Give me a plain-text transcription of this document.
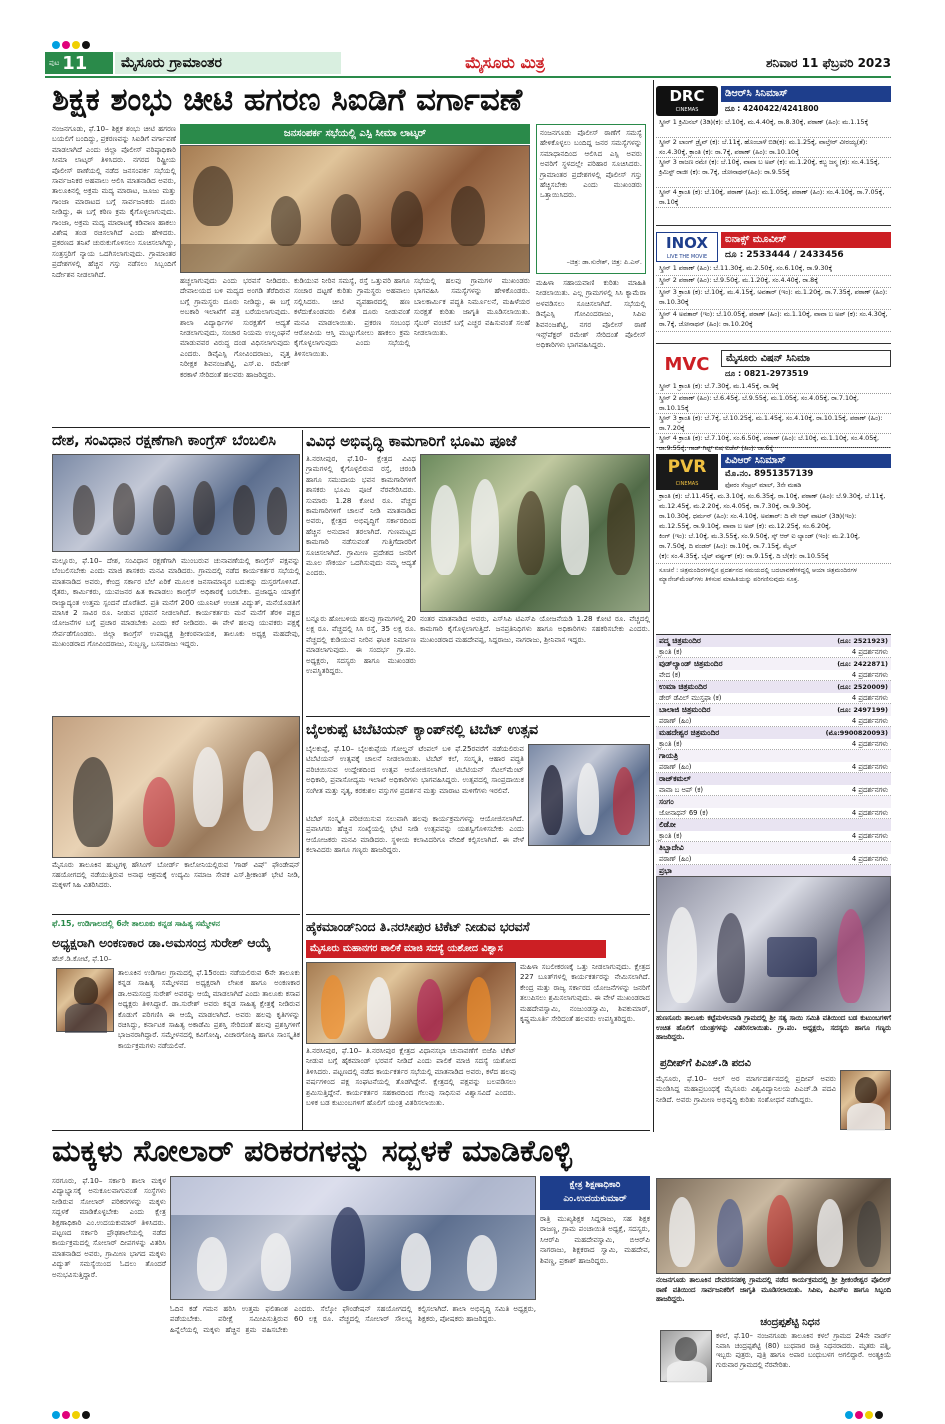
ಪುಟ 11	ಮೈಸೂರು ಗ್ರಾಮಾಂತರ	ಮೈಸೂರು ಮಿತ್ರ	ಶನಿವಾರ 11 ಫೆಬ್ರವರಿ 2023
ಶಿಕ್ಷಕ ಶಂಭು ಚೀಟಿ ಹಗರಣ ಸಿಐಡಿಗೆ ವರ್ಗಾವಣೆ
ನಂಜನಗೂಡು, ಫೆ.10– ಶಿಕ್ಷಕ ಶಂಭು ಚೀಟಿ ಹಗರಣ ಬಯಲಿಗೆ ಬಂದಿದ್ದು, ಪ್ರಕರಣವನ್ನು ಸಿಐಡಿಗೆ ವರ್ಗಾವಣೆ ಮಾಡಲಾಗಿದೆ ಎಂದು ಜಿಲ್ಲಾ ಪೊಲೀಸ್ ವರಿಷ್ಠಾಧಿಕಾರಿ ಸೀಮಾ ಲಾಟ್ಕರ್ ತಿಳಿಸಿದರು. ನಗರದ ರಿಷ್ಟ್ರೀಯ ಪೊಲೀಸ್ ಠಾಣೆಯಲ್ಲಿ ನಡೆದ ಜನಸಂಪರ್ಕ ಸಭೆಯಲ್ಲಿ ಸಾರ್ವಜನಿಕರ ಅಹವಾಲು ಆಲಿಸಿ ಮಾತನಾಡಿದ ಅವರು, ತಾಲೂಕಿನಲ್ಲಿ ಅಕ್ರಮ ಮದ್ಯ ಮಾರಾಟ, ಜೂಜು ಮತ್ತು ಗಾಂಜಾ ಮಾರಾಟದ ಬಗ್ಗೆ ಸಾರ್ವಜನಿಕರು ದೂರು ನೀಡಿದ್ದು, ಈ ಬಗ್ಗೆ ಕಠಿಣ ಕ್ರಮ ಕೈಗೊಳ್ಳಲಾಗುವುದು. ಗಾಂಜಾ, ಅಕ್ರಮ ಮದ್ಯ ಮಾರಾಟಕ್ಕೆ ಕಡಿವಾಣ ಹಾಕಲು ವಿಶೇಷ ತಂಡ ರಚಿಸಲಾಗಿದೆ ಎಂದು ಹೇಳಿದರು. ಪ್ರಕರಣದ ತನಿಖೆ ಚುರುಕುಗೊಳಿಸಲು ಸೂಚಿಸಲಾಗಿದ್ದು, ಸಂತ್ರಸ್ತರಿಗೆ ನ್ಯಾಯ ಒದಗಿಸಲಾಗುವುದು. ಗ್ರಾಮಾಂತರ ಪ್ರದೇಶಗಳಲ್ಲಿ ಹೆಚ್ಚಿನ ಗಸ್ತು ನಡೆಸಲು ಸಿಬ್ಬಂದಿಗೆ ನಿರ್ದೇಶನ ನೀಡಲಾಗಿದೆ.
ಜನಸಂಪರ್ಕ ಸಭೆಯಲ್ಲಿ ಎಸ್ಪಿ ಸೀಮಾ ಲಾಟ್ಕರ್	ನಂಜನಗೂಡು ಪೊಲೀಸ್ ಠಾಣೆಗೆ ಸಮಸ್ಯೆ ಹೇಳಿಕೊಳ್ಳಲು ಬಂದಿದ್ದ ಜನರ ಸಮಸ್ಯೆಗಳನ್ನು ಸಮಾಧಾನದಿಂದ ಆಲಿಸಿದ ಎಸ್ಪಿ ಅವರು ಅವರಿಗೆ ಸ್ಥಳದಲ್ಲೇ ಪರಿಹಾರ ಸೂಚಿಸಿದರು. ಗ್ರಾಮಾಂತರ ಪ್ರದೇಶಗಳಲ್ಲಿ ಪೊಲೀಸ್ ಗಸ್ತು ಹೆಚ್ಚಿಸಬೇಕು ಎಂದು ಮುಖಂಡರು ಒತ್ತಾಯಿಸಿದರು.
–ಚಿತ್ರ: ಡಾ.ಸುರೇಶ್, ಚಿತ್ರ: ಪಿ.ಎಸ್.
ಹಚ್ಚಲಾಗುವುದು ಎಂದು ಭರವಸೆ ನೀಡಿದರು. ದೇವಾಲಯದ ಬಳಿ ಮದ್ಯದ ಅಂಗಡಿ ತೆರೆದಿರುವ ಬಗ್ಗೆ ಗ್ರಾಮಸ್ಥರು ದೂರು ನೀಡಿದ್ದು, ಈ ಬಗ್ಗೆ ಅಬಕಾರಿ ಇಲಾಖೆಗೆ ಪತ್ರ ಬರೆಯಲಾಗುವುದು. ಶಾಲಾ ವಿದ್ಯಾರ್ಥಿಗಳ ಸುರಕ್ಷತೆಗೆ ಆದ್ಯತೆ ನೀಡಲಾಗುವುದು, ಸಂಚಾರ ನಿಯಮ ಉಲ್ಲಂಘನೆ ಮಾಡುವವರ ವಿರುದ್ಧ ದಂಡ ವಿಧಿಸಲಾಗುವುದು ಎಂದರು. ಡಿವೈಎಸ್ಪಿ ಗೋವಿಂದರಾಜು, ವೃತ್ತ ನಿರೀಕ್ಷಕ ಶಿವನಂಜಶೆಟ್ಟಿ, ಎಸ್.ಐ. ರಮೇಶ್ ಕರಕಾಳೆ ಸೇರಿದಂತೆ ಹಲವರು ಹಾಜರಿದ್ದರು.
ಕುಡಿಯುವ ನೀರಿನ ಸಮಸ್ಯೆ, ರಸ್ತೆ ಒತ್ತುವರಿ ಹಾಗೂ ಸಂಚಾರ ದಟ್ಟಣೆ ಕುರಿತು ಗ್ರಾಮಸ್ಥರು ಅಹವಾಲು ಸಲ್ಲಿಸಿದರು. ಚೀಟಿ ವ್ಯವಹಾರದಲ್ಲಿ ಹಣ ಕಳೆದುಕೊಂಡವರು ಲಿಖಿತ ದೂರು ನೀಡುವಂತೆ ಮನವಿ ಮಾಡಲಾಯಿತು. ಪ್ರಕರಣ ಸಂಬಂಧ ಆರೋಪಿಯ ಆಸ್ತಿ ಮುಟ್ಟುಗೋಲು ಹಾಕಲು ಕ್ರಮ ಕೈಗೊಳ್ಳಲಾಗುವುದು ಎಂದು ಸಭೆಯಲ್ಲಿ ತಿಳಿಸಲಾಯಿತು.
ಸಭೆಯಲ್ಲಿ ಹಲವು ಗ್ರಾಮಗಳ ಮುಖಂಡರು ಭಾಗವಹಿಸಿ ಸಮಸ್ಯೆಗಳನ್ನು ಹೇಳಿಕೊಂಡರು. ಬಾಲಕಾರ್ಮಿಕ ಪದ್ಧತಿ ನಿರ್ಮೂಲನೆ, ಮಹಿಳೆಯರ ಸುರಕ್ಷತೆ ಕುರಿತು ಜಾಗೃತಿ ಮೂಡಿಸಲಾಯಿತು. ಸೈಬರ್ ವಂಚನೆ ಬಗ್ಗೆ ಎಚ್ಚರ ವಹಿಸುವಂತೆ ಸಲಹೆ ನೀಡಲಾಯಿತು.
ಮಹಿಳಾ ಸಹಾಯವಾಣಿ ಕುರಿತು ಮಾಹಿತಿ ನೀಡಲಾಯಿತು. ಎಲ್ಲ ಗ್ರಾಮಗಳಲ್ಲಿ ಸಿಸಿ ಕ್ಯಾಮೆರಾ ಅಳವಡಿಸಲು ಸೂಚಿಸಲಾಗಿದೆ. ಸಭೆಯಲ್ಲಿ ಡಿವೈಎಸ್ಪಿ ಗೋವಿಂದರಾಜು, ಸಿಪಿಐ ಶಿವನಂಜಶೆಟ್ಟಿ, ನಗರ ಪೊಲೀಸ್ ಠಾಣೆ ಇನ್ಸ್‌ಪೆಕ್ಟರ್ ರಮೇಶ್ ಸೇರಿದಂತೆ ಪೊಲೀಸ್ ಅಧಿಕಾರಿಗಳು ಭಾಗವಹಿಸಿದ್ದರು.
ದೇಶ, ಸಂವಿಧಾನ ರಕ್ಷಣೆಗಾಗಿ ಕಾಂಗ್ರೆಸ್ ಬೆಂಬಲಿಸಿ
ಮಲ್ಲೂರು, ಫೆ.10– ದೇಶ, ಸಂವಿಧಾನ ರಕ್ಷಣೆಗಾಗಿ ಮುಂಬರುವ ಚುನಾವಣೆಯಲ್ಲಿ ಕಾಂಗ್ರೆಸ್ ಪಕ್ಷವನ್ನು ಬೆಂಬಲಿಸಬೇಕು ಎಂದು ಮಾಜಿ ಶಾಸಕರು ಮನವಿ ಮಾಡಿದರು. ಗ್ರಾಮದಲ್ಲಿ ನಡೆದ ಕಾರ್ಯಕರ್ತರ ಸಭೆಯಲ್ಲಿ ಮಾತನಾಡಿದ ಅವರು, ಕೇಂದ್ರ ಸರ್ಕಾರ ಬೆಲೆ ಏರಿಕೆ ಮೂಲಕ ಜನಸಾಮಾನ್ಯರ ಬದುಕನ್ನು ದುಸ್ತರಗೊಳಿಸಿದೆ. ರೈತರು, ಕಾರ್ಮಿಕರು, ಯುವಜನರ ಹಿತ ಕಾಪಾಡಲು ಕಾಂಗ್ರೆಸ್ ಅಧಿಕಾರಕ್ಕೆ ಬರಬೇಕು. ಪ್ರಜಾಧ್ವನಿ ಯಾತ್ರೆಗೆ ರಾಜ್ಯಾದ್ಯಂತ ಉತ್ತಮ ಸ್ಪಂದನೆ ದೊರೆತಿದೆ. ಪ್ರತಿ ಮನೆಗೆ 200 ಯೂನಿಟ್ ಉಚಿತ ವಿದ್ಯುತ್, ಮನೆಯೊಡತಿಗೆ ಮಾಸಿಕ 2 ಸಾವಿರ ರೂ. ನೀಡುವ ಭರವಸೆ ನೀಡಲಾಗಿದೆ. ಕಾರ್ಯಕರ್ತರು ಮನೆ ಮನೆಗೆ ತೆರಳಿ ಪಕ್ಷದ ಯೋಜನೆಗಳ ಬಗ್ಗೆ ಪ್ರಚಾರ ಮಾಡಬೇಕು ಎಂದು ಕರೆ ನೀಡಿದರು. ಈ ವೇಳೆ ಹಲವು ಯುವಕರು ಪಕ್ಷಕ್ಕೆ ಸೇರ್ಪಡೆಗೊಂಡರು. ಜಿಲ್ಲಾ ಕಾಂಗ್ರೆಸ್ ಉಪಾಧ್ಯಕ್ಷ ಶ್ರೀಕಂಠನಾಯಕ, ತಾಲೂಕು ಅಧ್ಯಕ್ಷ ಮಹದೇವು, ಮುಖಂಡರಾದ ಗೋವಿಂದರಾಜು, ಸುಬ್ಬಣ್ಣ, ಬಸವರಾಜು ಇದ್ದರು.
ಮೈಸೂರು ತಾಲೂಕಿನ ಹುಟ್ಟಗಳ್ಳಿ ಹೌಸಿಂಗ್ ಬೋರ್ಡ್ ಕಾಲೋನಿಯಲ್ಲಿರುವ 'ಗಾಡ್ ವಿಷ್' ಫೌಂಡೇಷನ್ ಸಹಯೋಗದಲ್ಲಿ ನಡೆಯುತ್ತಿರುವ ಅನಾಥ ಆಶ್ರಮಕ್ಕೆ ಉದ್ಯಮಿ ಸಮಾಜ ಸೇವಕ ಎಸ್.ಶ್ರೀಕಾಂತ್ ಭೇಟಿ ನೀಡಿ, ಮಕ್ಕಳಿಗೆ ಸಿಹಿ ವಿತರಿಸಿದರು.
ಫೆ.15, ಉಡಿಗಾಲದಲ್ಲಿ 6ನೇ ತಾಲೂಕು ಕನ್ನಡ ಸಾಹಿತ್ಯ ಸಮ್ಮೇಳನ
ಅಧ್ಯಕ್ಷರಾಗಿ ಅಂಕಣಕಾರ ಡಾ.ಅಮಸಂದ್ರ ಸುರೇಶ್ ಆಯ್ಕೆ
ಹೆಚ್.ಡಿ.ಕೋಟೆ, ಫೆ.10–
ತಾಲೂಕಿನ ಉಡಿಗಾಲ ಗ್ರಾಮದಲ್ಲಿ ಫೆ.15ರಂದು ನಡೆಯಲಿರುವ 6ನೇ ತಾಲೂಕು ಕನ್ನಡ ಸಾಹಿತ್ಯ ಸಮ್ಮೇಳನದ ಅಧ್ಯಕ್ಷರಾಗಿ ಲೇಖಕ ಹಾಗೂ ಅಂಕಣಕಾರ ಡಾ.ಅಮಸಂದ್ರ ಸುರೇಶ್ ಅವರನ್ನು ಆಯ್ಕೆ ಮಾಡಲಾಗಿದೆ ಎಂದು ತಾಲೂಕು ಕಸಾಪ ಅಧ್ಯಕ್ಷರು ತಿಳಿಸಿದ್ದಾರೆ. ಡಾ.ಸುರೇಶ್ ಅವರು ಕನ್ನಡ ಸಾಹಿತ್ಯ ಕ್ಷೇತ್ರಕ್ಕೆ ನೀಡಿರುವ ಕೊಡುಗೆ ಪರಿಗಣಿಸಿ ಈ ಆಯ್ಕೆ ಮಾಡಲಾಗಿದೆ. ಅವರು ಹಲವು ಕೃತಿಗಳನ್ನು ರಚಿಸಿದ್ದು, ಕರ್ನಾಟಕ ಸಾಹಿತ್ಯ ಅಕಾಡೆಮಿ ಪ್ರಶಸ್ತಿ ಸೇರಿದಂತೆ ಹಲವು ಪ್ರಶಸ್ತಿಗಳಿಗೆ ಭಾಜನರಾಗಿದ್ದಾರೆ. ಸಮ್ಮೇಳನದಲ್ಲಿ ಕವಿಗೋಷ್ಠಿ, ವಿಚಾರಗೋಷ್ಠಿ ಹಾಗೂ ಸಾಂಸ್ಕೃತಿಕ ಕಾರ್ಯಕ್ರಮಗಳು ನಡೆಯಲಿವೆ.
ವಿವಿಧ ಅಭಿವೃದ್ಧಿ ಕಾಮಗಾರಿಗೆ ಭೂಮಿ ಪೂಜೆ
ತಿ.ನರಸೀಪುರ, ಫೆ.10– ಕ್ಷೇತ್ರದ ವಿವಿಧ ಗ್ರಾಮಗಳಲ್ಲಿ ಕೈಗೊಳ್ಳಲಿರುವ ರಸ್ತೆ, ಚರಂಡಿ ಹಾಗೂ ಸಮುದಾಯ ಭವನ ಕಾಮಗಾರಿಗಳಿಗೆ ಶಾಸಕರು ಭೂಮಿ ಪೂಜೆ ನೆರವೇರಿಸಿದರು. ಸುಮಾರು 1.28 ಕೋಟಿ ರೂ. ವೆಚ್ಚದ ಕಾಮಗಾರಿಗಳಿಗೆ ಚಾಲನೆ ನೀಡಿ ಮಾತನಾಡಿದ ಅವರು, ಕ್ಷೇತ್ರದ ಅಭಿವೃದ್ಧಿಗೆ ಸರ್ಕಾರದಿಂದ ಹೆಚ್ಚಿನ ಅನುದಾನ ತರಲಾಗಿದೆ. ಗುಣಮಟ್ಟದ ಕಾಮಗಾರಿ ನಡೆಸುವಂತೆ ಗುತ್ತಿಗೆದಾರರಿಗೆ ಸೂಚಿಸಲಾಗಿದೆ. ಗ್ರಾಮೀಣ ಪ್ರದೇಶದ ಜನರಿಗೆ ಮೂಲ ಸೌಕರ್ಯ ಒದಗಿಸುವುದು ನಮ್ಮ ಆದ್ಯತೆ ಎಂದರು.
ಬನ್ನೂರು ಹೋಬಳಿಯ ಹಲವು ಗ್ರಾಮಗಳಲ್ಲಿ 20 ಲಕ್ಷ ರೂ. ವೆಚ್ಚದಲ್ಲಿ ಸಿಸಿ ರಸ್ತೆ, 35 ಲಕ್ಷ ರೂ. ವೆಚ್ಚದಲ್ಲಿ ಕುಡಿಯುವ ನೀರಿನ ಘಟಕ ನಿರ್ಮಾಣ ಮಾಡಲಾಗುವುದು. ಈ ಸಂದರ್ಭ ಗ್ರಾ.ಪಂ. ಅಧ್ಯಕ್ಷರು, ಸದಸ್ಯರು ಹಾಗೂ ಮುಖಂಡರು ಉಪಸ್ಥಿತರಿದ್ದರು.
ನಂತರ ಮಾತನಾಡಿದ ಅವರು, ಎಸ್‌ಸಿಪಿ ಟಿಎಸ್‌ಪಿ ಯೋಜನೆಯಡಿ 1.28 ಕೋಟಿ ರೂ. ವೆಚ್ಚದಲ್ಲಿ ಕಾಮಗಾರಿ ಕೈಗೊಳ್ಳಲಾಗುತ್ತಿದೆ. ಜನಪ್ರತಿನಿಧಿಗಳು ಹಾಗೂ ಅಧಿಕಾರಿಗಳು ಸಹಕರಿಸಬೇಕು ಎಂದರು. ಮುಖಂಡರಾದ ಮಹದೇವಪ್ಪ, ಸಿದ್ದರಾಜು, ನಾಗರಾಜು, ಶ್ರೀನಿವಾಸ ಇದ್ದರು.
ಬೈಲಕುಪ್ಪೆ ಟಿಬೆಟಿಯನ್ ಕ್ಯಾಂಪ್‌ನಲ್ಲಿ ಟಿಬೆಟ್ ಉತ್ಸವ
ಬೈಲಕುಪ್ಪೆ, ಫೆ.10– ಬೈಲಕುಪ್ಪೆಯ ಗೋಲ್ಡನ್ ಟೆಂಪಲ್ ಬಳಿ ಫೆ.25ರವರೆಗೆ ನಡೆಯಲಿರುವ ಟಿಬೆಟಿಯನ್ ಉತ್ಸವಕ್ಕೆ ಚಾಲನೆ ನೀಡಲಾಯಿತು. ಟಿಬೆಟ್ ಕಲೆ, ಸಂಸ್ಕೃತಿ, ಆಹಾರ ಪದ್ಧತಿ ಪರಿಚಯಿಸುವ ಉದ್ದೇಶದಿಂದ ಉತ್ಸವ ಆಯೋಜಿಸಲಾಗಿದೆ. ಟಿಬೆಟಿಯನ್ ಸೆಟಲ್‌ಮೆಂಟ್ ಅಧಿಕಾರಿ, ಪ್ರವಾಸೋದ್ಯಮ ಇಲಾಖೆ ಅಧಿಕಾರಿಗಳು ಭಾಗವಹಿಸಿದ್ದರು. ಉತ್ಸವದಲ್ಲಿ ಸಾಂಪ್ರದಾಯಿಕ ಸಂಗೀತ ಮತ್ತು ನೃತ್ಯ, ಕರಕುಶಲ ವಸ್ತುಗಳ ಪ್ರದರ್ಶನ ಮತ್ತು ಮಾರಾಟ ಮಳಿಗೆಗಳು ಇರಲಿವೆ.
ಟಿಬೆಟ್ ಸಂಸ್ಕೃತಿ ಪರಿಚಯಿಸುವ ಸಲುವಾಗಿ ಹಲವು ಕಾರ್ಯಕ್ರಮಗಳನ್ನು ಆಯೋಜಿಸಲಾಗಿದೆ. ಪ್ರವಾಸಿಗರು ಹೆಚ್ಚಿನ ಸಂಖ್ಯೆಯಲ್ಲಿ ಭೇಟಿ ನೀಡಿ ಉತ್ಸವವನ್ನು ಯಶಸ್ವಿಗೊಳಿಸಬೇಕು ಎಂದು ಆಯೋಜಕರು ಮನವಿ ಮಾಡಿದರು. ಸ್ಥಳೀಯ ಕಲಾವಿದರಿಗೂ ವೇದಿಕೆ ಕಲ್ಪಿಸಲಾಗಿದೆ. ಈ ವೇಳೆ ಕಲಾವಿದರು ಹಾಗೂ ಗಣ್ಯರು ಹಾಜರಿದ್ದರು.
ಹೈಕಮಾಂಡ್‌ನಿಂದ ತಿ.ನರಸೀಪುರ ಟಿಕೆಟ್ ನೀಡುವ ಭರವಸೆ
ಮೈಸೂರು ಮಹಾನಗರ ಪಾಲಿಕೆ ಮಾಜಿ ಸದಸ್ಯೆ ಯಶೋದ ವಿಶ್ವಾಸ
ತಿ.ನರಸೀಪುರ, ಫೆ.10– ತಿ.ನರಸೀಪುರ ಕ್ಷೇತ್ರದ ವಿಧಾನಸಭಾ ಚುನಾವಣೆಗೆ ಬಿಜೆಪಿ ಟಿಕೆಟ್ ನೀಡುವ ಬಗ್ಗೆ ಹೈಕಮಾಂಡ್ ಭರವಸೆ ನೀಡಿದೆ ಎಂದು ಪಾಲಿಕೆ ಮಾಜಿ ಸದಸ್ಯೆ ಯಶೋದ ತಿಳಿಸಿದರು. ಪಟ್ಟಣದಲ್ಲಿ ನಡೆದ ಕಾರ್ಯಕರ್ತರ ಸಭೆಯಲ್ಲಿ ಮಾತನಾಡಿದ ಅವರು, ಕಳೆದ ಹಲವು ವರ್ಷಗಳಿಂದ ಪಕ್ಷ ಸಂಘಟನೆಯಲ್ಲಿ ತೊಡಗಿದ್ದೇನೆ. ಕ್ಷೇತ್ರದಲ್ಲಿ ಪಕ್ಷವನ್ನು ಬಲಪಡಿಸಲು ಶ್ರಮಿಸುತ್ತಿದ್ದೇನೆ. ಕಾರ್ಯಕರ್ತರ ಸಹಕಾರದಿಂದ ಗೆಲುವು ಸಾಧಿಸುವ ವಿಶ್ವಾಸವಿದೆ ಎಂದರು. ಬಳಿಕ ಬಡ ಕುಟುಂಬಗಳಿಗೆ ಹೊಲಿಗೆ ಯಂತ್ರ ವಿತರಿಸಲಾಯಿತು.
ಮಹಿಳಾ ಸಬಲೀಕರಣಕ್ಕೆ ಒತ್ತು ನೀಡಲಾಗುವುದು. ಕ್ಷೇತ್ರದ 227 ಬೂತ್‌ಗಳಲ್ಲಿ ಕಾರ್ಯಕರ್ತರನ್ನು ನೇಮಿಸಲಾಗಿದೆ. ಕೇಂದ್ರ ಮತ್ತು ರಾಜ್ಯ ಸರ್ಕಾರದ ಯೋಜನೆಗಳನ್ನು ಜನರಿಗೆ ತಲುಪಿಸಲು ಶ್ರಮಿಸಲಾಗುವುದು. ಈ ವೇಳೆ ಮುಖಂಡರಾದ ಮಹದೇವಸ್ವಾಮಿ, ನಂಜುಂಡಸ್ವಾಮಿ, ಶಿವಕುಮಾರ್, ಕೃಷ್ಣಮೂರ್ತಿ ಸೇರಿದಂತೆ ಹಲವರು ಉಪಸ್ಥಿತರಿದ್ದರು.
ಮಕ್ಕಳು ಸೋಲಾರ್ ಪರಿಕರಗಳನ್ನು ಸದ್ಬಳಕೆ ಮಾಡಿಕೊಳ್ಳಿ
ಸರಗೂರು, ಫೆ.10– ಸರ್ಕಾರಿ ಶಾಲಾ ಮಕ್ಕಳ ವಿದ್ಯಾಭ್ಯಾಸಕ್ಕೆ ಅನುಕೂಲವಾಗುವಂತೆ ಸಂಸ್ಥೆಗಳು ನೀಡಿರುವ ಸೋಲಾರ್ ಪರಿಕರಗಳನ್ನು ಮಕ್ಕಳು ಸದ್ಬಳಕೆ ಮಾಡಿಕೊಳ್ಳಬೇಕು ಎಂದು ಕ್ಷೇತ್ರ ಶಿಕ್ಷಣಾಧಿಕಾರಿ ಎಂ.ಉದಯಕುಮಾರ್ ತಿಳಿಸಿದರು. ಪಟ್ಟಣದ ಸರ್ಕಾರಿ ಪ್ರೌಢಶಾಲೆಯಲ್ಲಿ ನಡೆದ ಕಾರ್ಯಕ್ರಮದಲ್ಲಿ ಸೋಲಾರ್ ದೀಪಗಳನ್ನು ವಿತರಿಸಿ ಮಾತನಾಡಿದ ಅವರು, ಗ್ರಾಮೀಣ ಭಾಗದ ಮಕ್ಕಳು ವಿದ್ಯುತ್ ಸಮಸ್ಯೆಯಿಂದ ಓದಲು ತೊಂದರೆ ಅನುಭವಿಸುತ್ತಿದ್ದಾರೆ.
ಕ್ಷೇತ್ರ ಶಿಕ್ಷಣಾಧಿಕಾರಿ
ಎಂ.ಉದಯಕುಮಾರ್
ರಾತ್ರಿ ಮುಖ್ಯಶಿಕ್ಷಕ ಸಿದ್ದರಾಜು, ಸಹ ಶಿಕ್ಷಕ ರಾಜಣ್ಣ, ಗ್ರಾಮ ಪಂಚಾಯಿತಿ ಅಧ್ಯಕ್ಷೆ, ಸದಸ್ಯರು, ಸಿಆರ್‌ಪಿ ಮಹದೇವಸ್ವಾಮಿ, ಬಿಆರ್‌ಪಿ ನಾಗರಾಜು, ಶಿಕ್ಷಕರಾದ ಸ್ವಾಮಿ, ಮಹದೇವ, ಶಿವಣ್ಣ, ಪ್ರಕಾಶ್ ಹಾಜರಿದ್ದರು.
ಓದಿನ ಕಡೆ ಗಮನ ಹರಿಸಿ ಉತ್ತಮ ಫಲಿತಾಂಶ ಪಡೆಯಬೇಕು. ಪರೀಕ್ಷೆ ಸಮೀಪಿಸುತ್ತಿರುವ ಹಿನ್ನೆಲೆಯಲ್ಲಿ ಮಕ್ಕಳು ಹೆಚ್ಚಿನ ಶ್ರಮ ವಹಿಸಬೇಕು ಎಂದರು. ಸೆಲ್ಕೋ ಫೌಂಡೇಷನ್ ಸಹಯೋಗದಲ್ಲಿ 60 ಲಕ್ಷ ರೂ. ವೆಚ್ಚದಲ್ಲಿ ಸೋಲಾರ್ ಸೌಲಭ್ಯ ಕಲ್ಪಿಸಲಾಗಿದೆ. ಶಾಲಾ ಅಭಿವೃದ್ಧಿ ಸಮಿತಿ ಅಧ್ಯಕ್ಷರು, ಶಿಕ್ಷಕರು, ಪೋಷಕರು ಹಾಜರಿದ್ದರು.
DRC
CINEMAS
ಡಿಆರ್‌ಸಿ ಸಿನಿಮಾಸ್
ದೂ : 4240422/4241800
ಸ್ಕ್ರೀನ್ 1 ಕ್ರಿಮಿನಲ್ (3ಡಿ)(ಕ): ಬೆ.10ಕ್ಕೆ, ಮ.4.40ಕ್ಕೆ, ರಾ.8.30ಕ್ಕೆ, ಪಠಾಣ್ (ಹಿಂ): ಮ.1.15ಕ್ಕೆ
ಸ್ಕ್ರೀನ್ 2 ಲಾಂಗ್ ಡ್ರೈವ್ (ಕ): ಬೆ.11ಕ್ಕೆ, ಹೊಂಬಾಳೆ ಬಿಡಿ(ಕ): ಮ.1.25ಕ್ಕೆ, ವಾಲ್ತೇರ್ ವೀರಯ್ಯ(ತೆ): ಸಂ.4.30ಕ್ಕೆ, ಕ್ರಾಂತಿ (ಕ): ರಾ.7ಕ್ಕೆ, ಪಠಾಣ್ (ಹಿಂ): ರಾ.10.10ಕ್ಕೆ
ಸ್ಕ್ರೀನ್ 3 ರಾಜಣ ರಮೇ (ಕ): ಬೆ.10ಕ್ಕೆ, ವಾವಾ ಬ ಅಪ್ (ಕ): ಮ.1.20ಕ್ಕೆ, ಕಬ್ಜ ಜಸ್ಮ (ಕ): ಸಂ.4.15ಕ್ಕೆ, ಕ್ರಿಮಿಸ್ಟ್ ರಾಜೀ (ಕ): ರಾ.7ಕ್ಕೆ, ಜೋನಾಥನ್(ಹಿಂ): ರಾ.9.55ಕ್ಕೆ
ಸ್ಕ್ರೀನ್ 4 ಕ್ರಾಂತಿ (ಕ): ಬೆ.10ಕ್ಕೆ, ಪಠಾಣ್ (ಹಿಂ): ಮ.1.05ಕ್ಕೆ, ಪಠಾಣ್ (ಹಿಂ): ಸಂ.4.10ಕ್ಕೆ, ರಾ.7.05ಕ್ಕೆ, ರಾ.10ಕ್ಕೆ
INOX
LIVE THE MOVIE
ಐನಾಕ್ಸ್ ಮೂವೀಸ್
ದೂ : 2533444 / 2433456
ಸ್ಕ್ರೀನ್ 1 ಪಠಾಣ್ (ಹಿಂ): ಬೆ.11.30ಕ್ಕೆ, ಮ.2.50ಕ್ಕೆ, ಸಂ.6.10ಕ್ಕೆ, ರಾ.9.30ಕ್ಕೆ
ಸ್ಕ್ರೀನ್ 2 ಪಠಾಣ್ (ಹಿಂ): ಬೆ.9.50ಕ್ಕೆ, ಮ.1.20ಕ್ಕೆ, ಸಂ.4.40ಕ್ಕೆ, ರಾ.8ಕ್ಕೆ
ಸ್ಕ್ರೀನ್ 3 ಕ್ರಾಂತಿ (ಕ): ಬೆ.10ಕ್ಕೆ, ಮ.4.15ಕ್ಕೆ, ಅವತಾರ್ (ಇಂ): ಮ.1.20ಕ್ಕೆ, ರಾ.7.35ಕ್ಕೆ, ಪಠಾಣ್ (ಹಿಂ): ರಾ.10.30ಕ್ಕೆ
ಸ್ಕ್ರೀನ್ 4 ಅವತಾರ್ (ಇಂ): ಬೆ.10.05ಕ್ಕೆ, ಪಠಾಣ್ (ಹಿಂ): ಮ.1.10ಕ್ಕೆ, ವಾವಾ ಬ ಅಪ್ (ಕ): ಸಂ.4.30ಕ್ಕೆ, ರಾ.7ಕ್ಕೆ, ಜೋನಾಥನ್ (ಹಿಂ): ರಾ.10.20ಕ್ಕೆ
MVC	ಮೈಸೂರು ವಿಷನ್ ಸಿನಿಮಾ
ದೂ : 0821-2973519
ಸ್ಕ್ರೀನ್ 1 ಕ್ರಾಂತಿ (ಕ): ಬೆ.7.30ಕ್ಕೆ, ಮ.1.45ಕ್ಕೆ, ರಾ.9ಕ್ಕೆ
ಸ್ಕ್ರೀನ್ 2 ಪಠಾಣ್ (ಹಿಂ): ಬೆ.6.45ಕ್ಕೆ, ಬೆ.9.55ಕ್ಕೆ, ಮ.1.05ಕ್ಕೆ, ಸಂ.4.05ಕ್ಕೆ, ರಾ.7.10ಕ್ಕೆ, ರಾ.10.15ಕ್ಕೆ
ಸ್ಕ್ರೀನ್ 3 ಕ್ರಾಂತಿ (ಕ): ಬೆ.7ಕ್ಕೆ, ಬೆ.10.25ಕ್ಕೆ, ಮ.1.45ಕ್ಕೆ, ಸಂ.4.10ಕ್ಕೆ, ರಾ.10.15ಕ್ಕೆ, ಪಠಾಣ್ (ಹಿಂ): ರಾ.7.20ಕ್ಕೆ
ಸ್ಕ್ರೀನ್ 4 ಕ್ರಾಂತಿ (ಕ): ಬೆ.7.10ಕ್ಕೆ, ಸಂ.6.50ಕ್ಕೆ, ಪಠಾಣ್ (ಹಿಂ): ಬೆ.10ಕ್ಕೆ, ಮ.1.10ಕ್ಕೆ, ಸಂ.4.05ಕ್ಕೆ, ರಾ.9.55ಕ್ಕೆ, ಗಾಡ್ ಗಿಫ್ಟ್ ಏಷ ಐಡೆನ್ (ಹಿಂ): ರಾ.6ಕ್ಕೆ
PVR
CINEMAS
ಪಿವಿಆರ್ ಸಿನಿಮಾಸ್
ಮೊ.ನಂ. 8951357139
ಫೋರಂ ಸೆಂಟ್ರಲ್ ಮಾಲ್, 3ನೇ ಮಹಡಿ
ಕ್ರಾಂತಿ (ಕ): ಬೆ.11.45ಕ್ಕೆ, ಮ.3.10ಕ್ಕೆ, ಸಂ.6.35ಕ್ಕೆ, ರಾ.10ಕ್ಕೆ, ಪಠಾಣ್ (ಹಿಂ): ಬೆ.9.30ಕ್ಕೆ, ಬೆ.11ಕ್ಕೆ, ಮ.12.45ಕ್ಕೆ, ಮ.2.20ಕ್ಕೆ, ಸಂ.4.05ಕ್ಕೆ, ರಾ.7.30ಕ್ಕೆ, ರಾ.9.30ಕ್ಕೆ,
ರಾ.10.30ಕ್ಕೆ, ಧರ್ಮನ್ (ಹಿಂ): ಸಂ.4.10ಕ್ಕೆ, ಅವತಾರ್: ದಿ ವೇ ಆಫ್ ವಾಟರ್ (3ಡಿ)(ಇಂ): ಮ.12.55ಕ್ಕೆ, ರಾ.9.10ಕ್ಕೆ, ವಾವಾ ಬ ಅಪ್ (ಕ): ಮ.12.25ಕ್ಕೆ, ಸಂ.6.20ಕ್ಕೆ,
ಕಿಂಗ್ (ಇಂ): ಬೆ.10ಕ್ಕೆ, ಮ.3.55ಕ್ಕೆ, ಸಂ.9.50ಕ್ಕೆ, ಸ್ಕ್ ಆರ್ ಐ ಲ್ಯಾಂಡ್ (ಇಂ): ಮ.2.10ಕ್ಕೆ, ರಾ.7.50ಕ್ಕೆ, ದಿ ವಂಡರ್ (ಹಿಂ): ರಾ.10ಕ್ಕೆ, ರಾ.7.15ಕ್ಕೆ, ಮೈಲ್‌
(ಕ): ಸಂ.4.35ಕ್ಕೆ, ಬೈಟ್ ವರ್ಷ್ಟಕ್ (ಕ): ರಾ.9.15ಕ್ಕೆ, ದಿ ಬೆ(ಕ): ರಾ.10.55ಕ್ಕೆ
ಸೂಚನೆ : ಚಿತ್ರಮಂದಿರಗಳಲ್ಲಿನ ಪ್ರದರ್ಶನದ ಸಮಯದಲ್ಲಿ ಬದಲಾವಣೆಗಳಿದ್ದಲ್ಲಿ ಆಯಾ ಚಿತ್ರಮಂದಿರಗಳ ಮ್ಯಾನೇಜ್‌ಮೆಂಟ್‌ಗಳು ತಿಳಿಸುವ ಮಾಹಿತಿಯನ್ನು ಪರಿಗಣಿಸುವುದು ಸೂಕ್ತ.
ಪದ್ಮ ಚಿತ್ರಮಂದಿರ	(ದೂ: 2521923)
ಕ್ರಾಂತಿ (ಕ)	4 ಪ್ರದರ್ಶನಗಳು
ವುಡ್‌ಲ್ಯಾಂಡ್ ಚಿತ್ರಮಂದಿರ	(ದೂ: 2422871)
ವೇದ (ಕ)	4 ಪ್ರದರ್ಶನಗಳು
ಉಮಾ ಚಿತ್ರಮಂದಿರ	(ದೂ: 2520009)
ಡೇರ್ ಡೆವಿಲ್ ಮುಸ್ತಫಾ (ಕ)	4 ಪ್ರದರ್ಶನಗಳು
ಬಾಲಾಜಿ ಚಿತ್ರಮಂದಿರ	(ದೂ: 2497199)
ಪಠಾಣ್ (ಹಿಂ)	4 ಪ್ರದರ್ಶನಗಳು
ಮಹದೇಶ್ವರ ಚಿತ್ರಮಂದಿರ	(ಮೊ:9900820093)
ಕ್ರಾಂತಿ (ಕ)	4 ಪ್ರದರ್ಶನಗಳು
ಗಾಯತ್ರಿ
ಪಠಾಣ್ (ಹಿಂ)	4 ಪ್ರದರ್ಶನಗಳು
ರಾಜ್‌ಕಮಲ್
ವಾವಾ ಬ ಅಪ್ (ಕ)	4 ಪ್ರದರ್ಶನಗಳು
ಸಂಗಂ
ಜೋನಾಥನ್ 69 (ಕ)	4 ಪ್ರದರ್ಶನಗಳು
ಲಿಡೋ
ಕ್ರಾಂತಿ (ಕ)	4 ಪ್ರದರ್ಶನಗಳು
ತಿಬ್ಬಾದೇವಿ
ಪಠಾಣ್ (ಹಿಂ)	4 ಪ್ರದರ್ಶನಗಳು
ಪ್ರಭಾ
ಹುಣಸೂರು ತಾಲೂಕು ಕಟ್ಟೆಮಳಲವಾಡಿ ಗ್ರಾಮದಲ್ಲಿ ಶ್ರೀ ಸತ್ಯ ಸಾಯಿ ಸಮಿತಿ ವತಿಯಿಂದ ಬಡ ಕುಟುಂಬಗಳಿಗೆ ಉಚಿತ ಹೊಲಿಗೆ ಯಂತ್ರಗಳನ್ನು ವಿತರಿಸಲಾಯಿತು. ಗ್ರಾ.ಪಂ. ಅಧ್ಯಕ್ಷರು, ಸದಸ್ಯರು ಹಾಗೂ ಗಣ್ಯರು ಹಾಜರಿದ್ದರು.
ಪ್ರದೀಪ್‌ಗೆ ಪಿಎಚ್.ಡಿ ಪದವಿ
ಮೈಸೂರು, ಫೆ.10– ಆಲ್ ಅರ ಮಾರ್ಗದರ್ಶನದಲ್ಲಿ ಪ್ರದೀಪ್ ಅವರು ಮಂಡಿಸಿದ್ದ ಮಹಾಪ್ರಬಂಧಕ್ಕೆ ಮೈಸೂರು ವಿಶ್ವವಿದ್ಯಾನಿಲಯ ಪಿಎಚ್.ಡಿ ಪದವಿ ನೀಡಿದೆ. ಅವರು ಗ್ರಾಮೀಣ ಅಭಿವೃದ್ಧಿ ಕುರಿತು ಸಂಶೋಧನೆ ನಡೆಸಿದ್ದರು.
ನಂಜನಗೂಡು ತಾಲೂಕಿನ ದೇವರಸನಹಳ್ಳಿ ಗ್ರಾಮದಲ್ಲಿ ನಡೆದ ಕಾರ್ಯಕ್ರಮದಲ್ಲಿ ಶ್ರೀ ಶ್ರೀಕಂಠೇಶ್ವರ ಪೊಲೀಸ್ ಠಾಣೆ ವತಿಯಿಂದ ಸಾರ್ವಜನಿಕರಿಗೆ ಜಾಗೃತಿ ಮೂಡಿಸಲಾಯಿತು. ಸಿಪಿಐ, ಪಿಎಸ್‌ಐ ಹಾಗೂ ಸಿಬ್ಬಂದಿ ಹಾಜರಿದ್ದರು.
ಚಂದ್ರಪ್ಪಶೆಟ್ಟಿ ನಿಧನ
ಕಳಲೆ, ಫೆ.10– ನಂಜನಗೂಡು ತಾಲೂಕಿನ ಕಳಲೆ ಗ್ರಾಮದ 24ನೇ ವಾರ್ಡ್ ನಿವಾಸಿ ಚಂದ್ರಪ್ಪಶೆಟ್ಟಿ (80) ಬುಧವಾರ ರಾತ್ರಿ ನಿಧನರಾದರು. ಮೃತರು ಪತ್ನಿ, ಇಬ್ಬರು ಪುತ್ರರು, ಪುತ್ರಿ ಹಾಗೂ ಅಪಾರ ಬಂಧುಬಳಗ ಅಗಲಿದ್ದಾರೆ. ಅಂತ್ಯಕ್ರಿಯೆ ಗುರುವಾರ ಗ್ರಾಮದಲ್ಲಿ ನೆರವೇರಿತು.
